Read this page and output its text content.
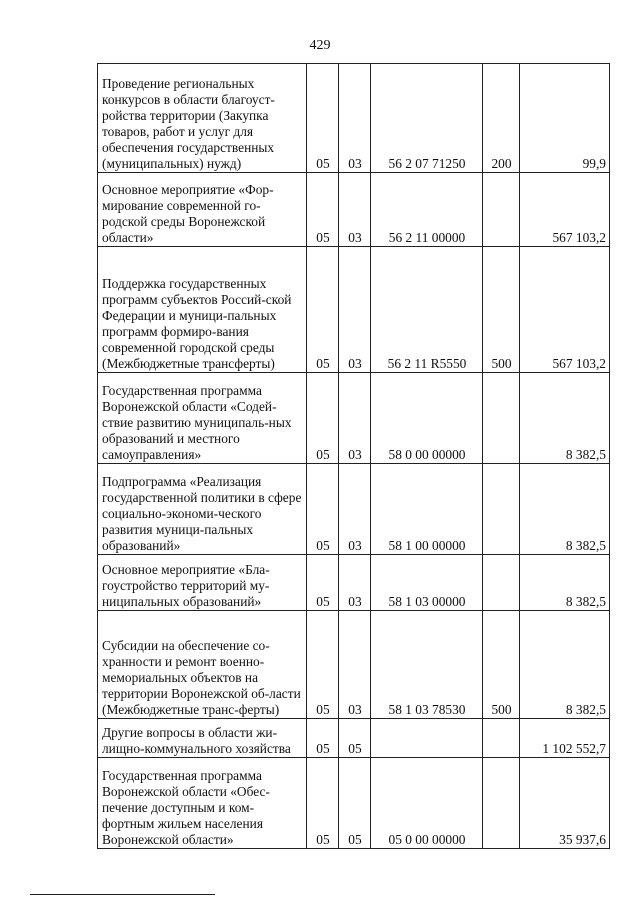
429
Проведение региональных конкурсов в области благоуст-ройства территории (Закупка товаров, работ и услуг для обеспечения государственных (муниципальных) нужд)	05	03	56 2 07 71250	200	99,9

Основное мероприятие «Фор-мирование современной го-родской среды Воронежской области»	05	03	56 2 11 00000		567 103,2

Поддержка государственных программ субъектов Россий-ской Федерации и муници-пальных программ формиро-вания современной городской среды (Межбюджетные трансферты)	05	03	56 2 11 R5550	500	567 103,2

Государственная программа Воронежской области «Содей-ствие развитию муниципаль-ных образований и местного самоуправления»	05	03	58 0 00 00000		8 382,5

Подпрограмма «Реализация государственной политики в сфере социально-экономи-ческого развития муници-пальных образований»	05	03	58 1 00 00000		8 382,5

Основное мероприятие «Бла-гоустройство территорий му-ниципальных образований»	05	03	58 1 03 00000		8 382,5

Субсидии на обеспечение со-хранности и ремонт военно-мемориальных объектов на территории Воронежской об-ласти (Межбюджетные транс-ферты)	05	03	58 1 03 78530	500	8 382,5

Другие вопросы в области жи-лищно-коммунального хозяйства	05	05			1 102 552,7

Государственная программа Воронежской области «Обес-печение доступным и ком-фортным жильем населения Воронежской области»	05	05	05 0 00 00000		35 937,6
